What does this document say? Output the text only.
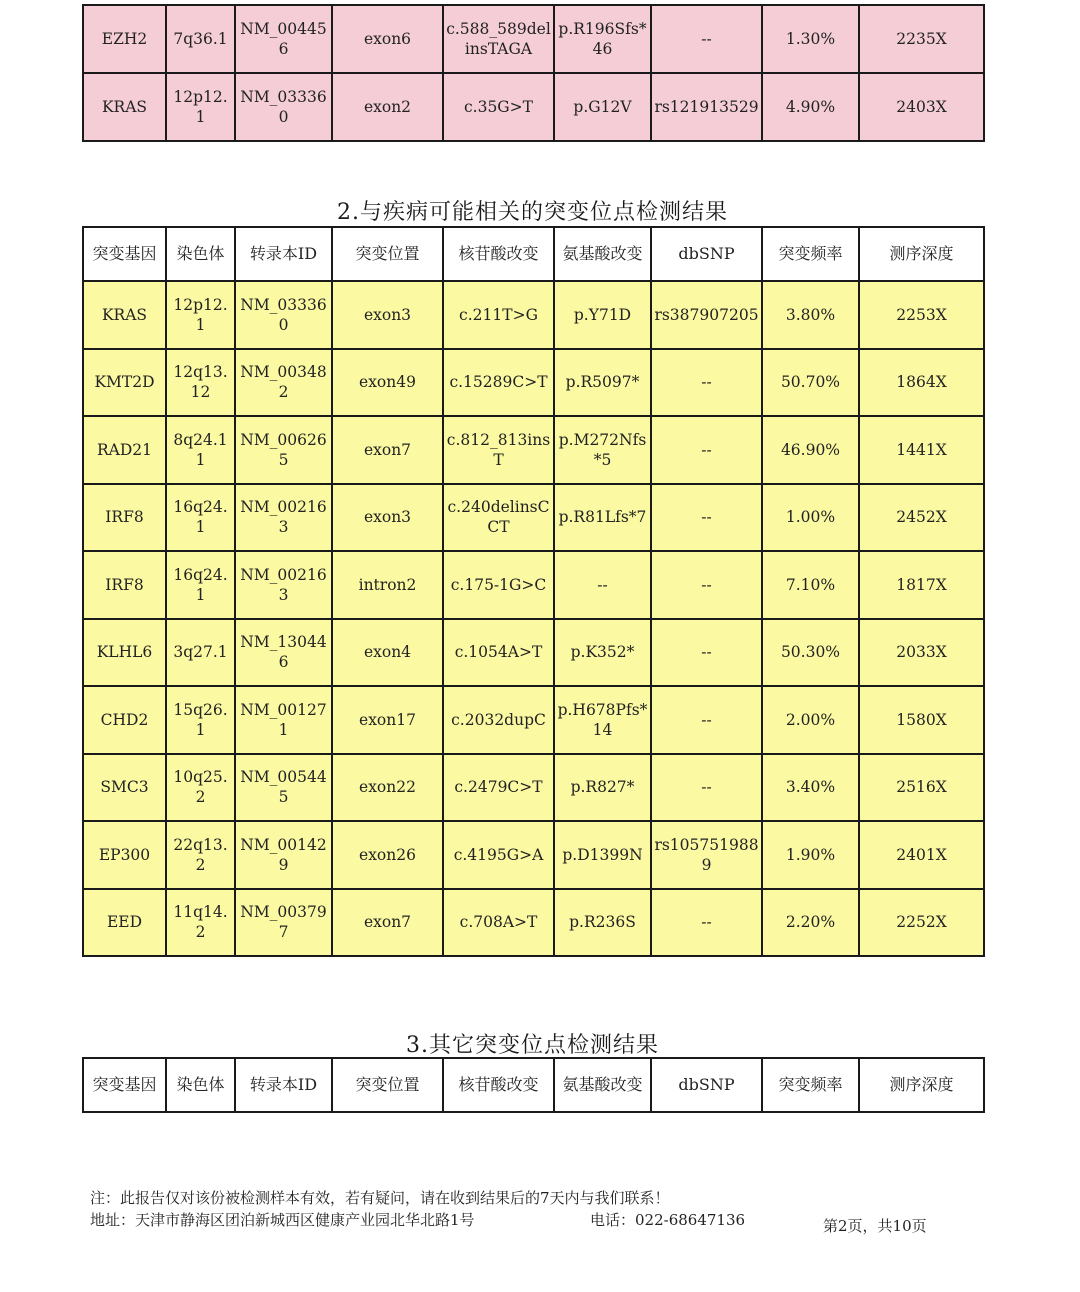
EZH2	7q36.1	NM_004456	exon6	c.588_589delinsTAGA	p.R196Sfs*46	--	1.30%	2235X
KRAS	12p12.1	NM_033360	exon2	c.35G>T	p.G12V	rs121913529	4.90%	2403X
2.与疾病可能相关的突变位点检测结果
突变基因	染色体	转录本ID	突变位置	核苷酸改变	氨基酸改变	dbSNP	突变频率	测序深度
KRAS	12p12.1	NM_033360	exon3	c.211T>G	p.Y71D	rs387907205	3.80%	2253X
KMT2D	12q13.12	NM_003482	exon49	c.15289C>T	p.R5097*	--	50.70%	1864X
RAD21	8q24.11	NM_006265	exon7	c.812_813insT	p.M272Nfs*5	--	46.90%	1441X
IRF8	16q24.1	NM_002163	exon3	c.240delinsCCT	p.R81Lfs*7	--	1.00%	2452X
IRF8	16q24.1	NM_002163	intron2	c.175-1G>C	--	--	7.10%	1817X
KLHL6	3q27.1	NM_130446	exon4	c.1054A>T	p.K352*	--	50.30%	2033X
CHD2	15q26.1	NM_001271	exon17	c.2032dupC	p.H678Pfs*14	--	2.00%	1580X
SMC3	10q25.2	NM_005445	exon22	c.2479C>T	p.R827*	--	3.40%	2516X
EP300	22q13.2	NM_001429	exon26	c.4195G>A	p.D1399N	rs1057519889	1.90%	2401X
EED	11q14.2	NM_003797	exon7	c.708A>T	p.R236S	--	2.20%	2252X
3.其它突变位点检测结果
突变基因	染色体	转录本ID	突变位置	核苷酸改变	氨基酸改变	dbSNP	突变频率	测序深度
注：此报告仅对该份被检测样本有效，若有疑问，请在收到结果后的7天内与我们联系！
地址：天津市静海区团泊新城西区健康产业园北华北路1号	电话：022-68647136	第2页，共10页
